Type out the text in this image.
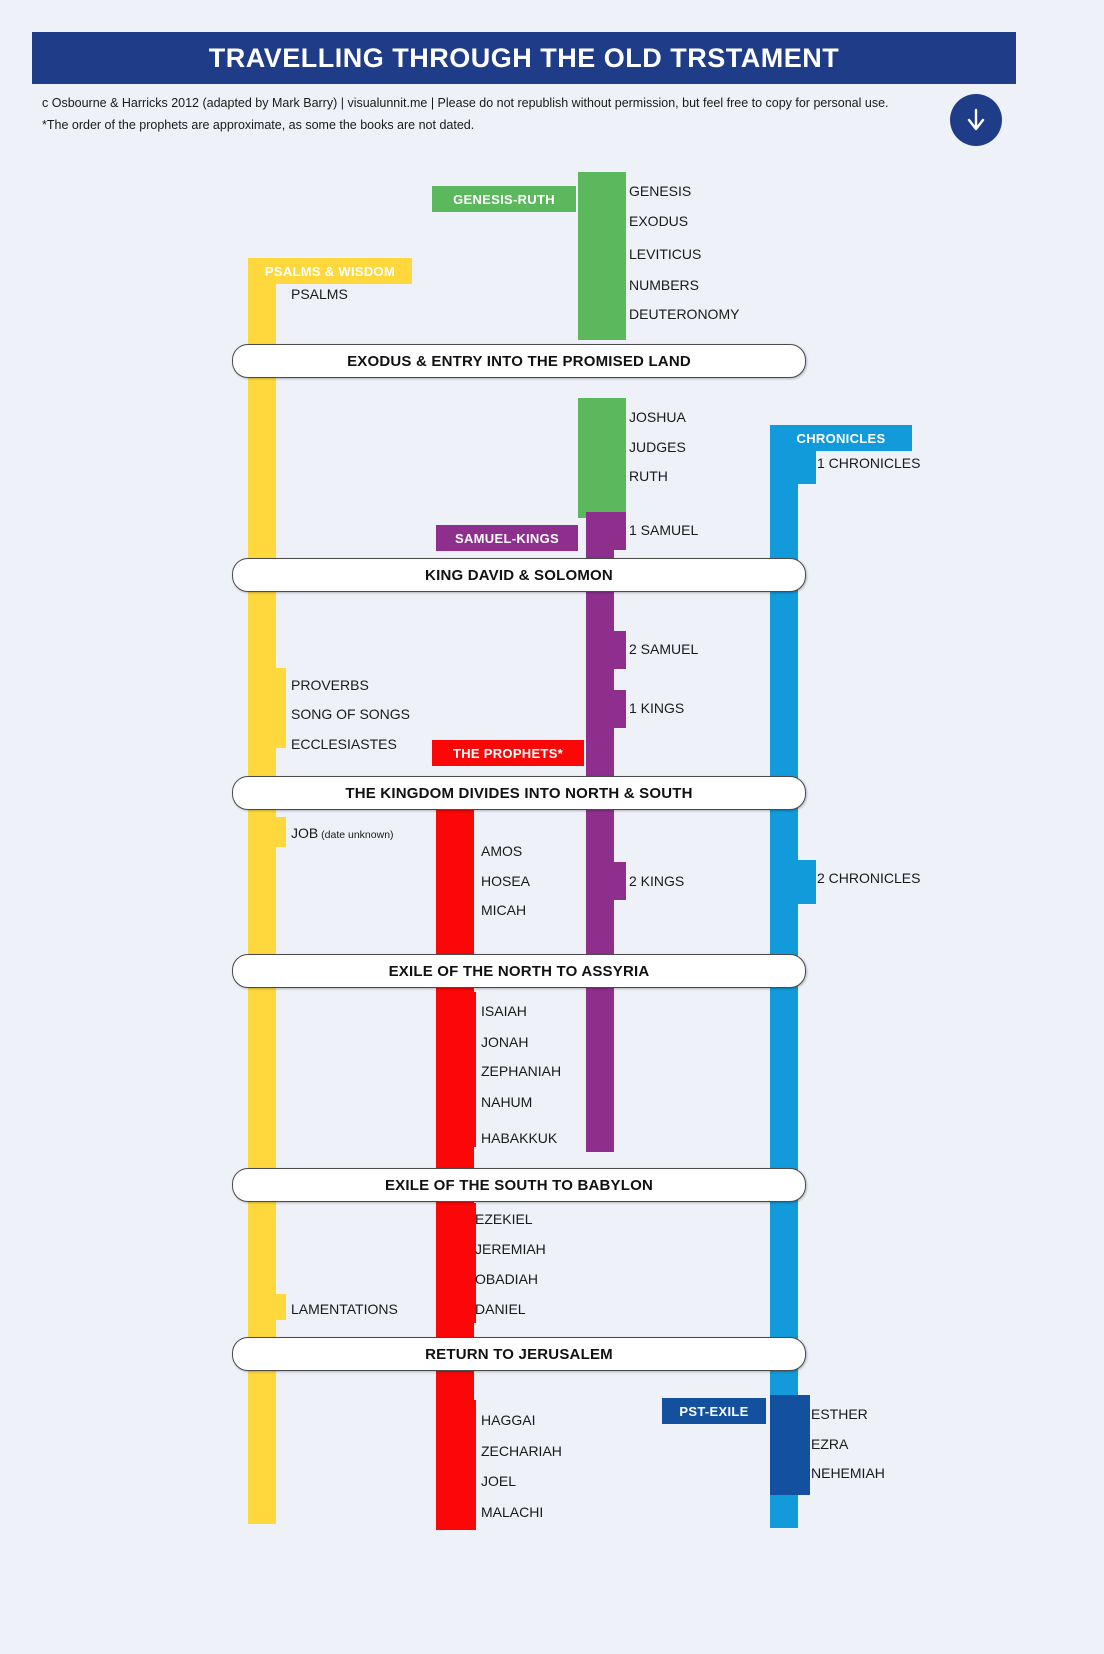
TRAVELLING THROUGH THE OLD TRSTAMENT
c Osbourne & Harricks 2012 (adapted by Mark Barry) | visualunnit.me | Please do not republish without permission, but feel free to copy for personal use.
*The order of the prophets are approximate, as some the books are not dated.
GENESIS-RUTH
PSALMS & WISDOM
CHRONICLES
SAMUEL-KINGS
THE PROPHETS*
PST-EXILE
GENESIS
EXODUS
LEVITICUS
NUMBERS
DEUTERONOMY
PSALMS
JOSHUA
JUDGES
RUTH
1 CHRONICLES
1 SAMUEL
2 SAMUEL
PROVERBS
1 KINGS
SONG OF SONGS
ECCLESIASTES
JOB (date unknown)
AMOS
HOSEA	2 KINGS	2 CHRONICLES
MICAH
ISAIAH
JONAH
ZEPHANIAH
NAHUM
HABAKKUK
EZEKIEL
JEREMIAH
OBADIAH
LAMENTATIONS	DANIEL
HAGGAI	ESTHER
EZRA
ZECHARIAH
NEHEMIAH
JOEL
MALACHI
EXODUS & ENTRY INTO THE PROMISED LAND
KING DAVID & SOLOMON
THE KINGDOM DIVIDES INTO NORTH & SOUTH
EXILE OF THE NORTH TO ASSYRIA
EXILE OF THE SOUTH TO BABYLON
RETURN TO JERUSALEM
